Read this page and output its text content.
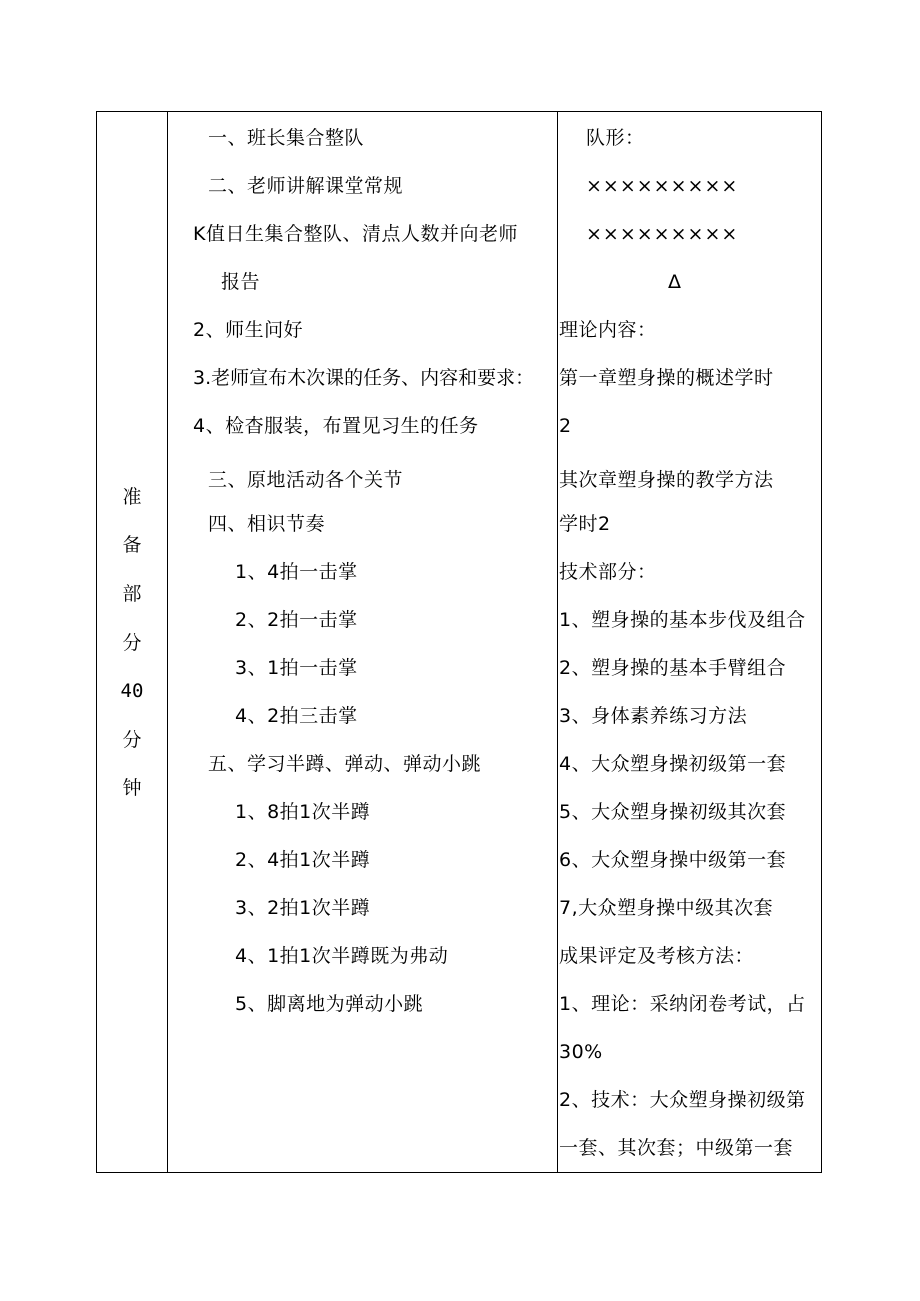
准
备
部
分
40
分
钟
一、班长集合整队
二、老师讲解课堂常规
K值日生集合整队、清点人数并向老师
报告
2、师生问好
3.老师宣布木次课的任务、内容和要求：
4、检杳服装，布置见习生的任务
三、原地活动各个关节
四、相识节奏
1、4拍一击掌
2、2拍一击掌
3、1拍一击掌
4、2拍三击掌
五、学习半蹲、弹动、弹动小跳
1、8拍1次半蹲
2、4拍1次半蹲
3、2拍1次半蹲
4、1拍1次半蹲既为弗动
5、脚离地为弹动小跳
队形：
×××××××××
×××××××××
Δ
理论内容：
第一章塑身操的概述学时
2
其次章塑身操的教学方法
学时2
技术部分：
1、塑身操的基本步伐及组合
2、塑身操的基本手臂组合
3、身体素养练习方法
4、大众塑身操初级第一套
5、大众塑身操初级其次套
6、大众塑身操中级第一套
7,大众塑身操中级其次套
成果评定及考核方法：
1、理论：采纳闭卷考试，占
30%
2、技术：大众塑身操初级第
一套、其次套；中级第一套
